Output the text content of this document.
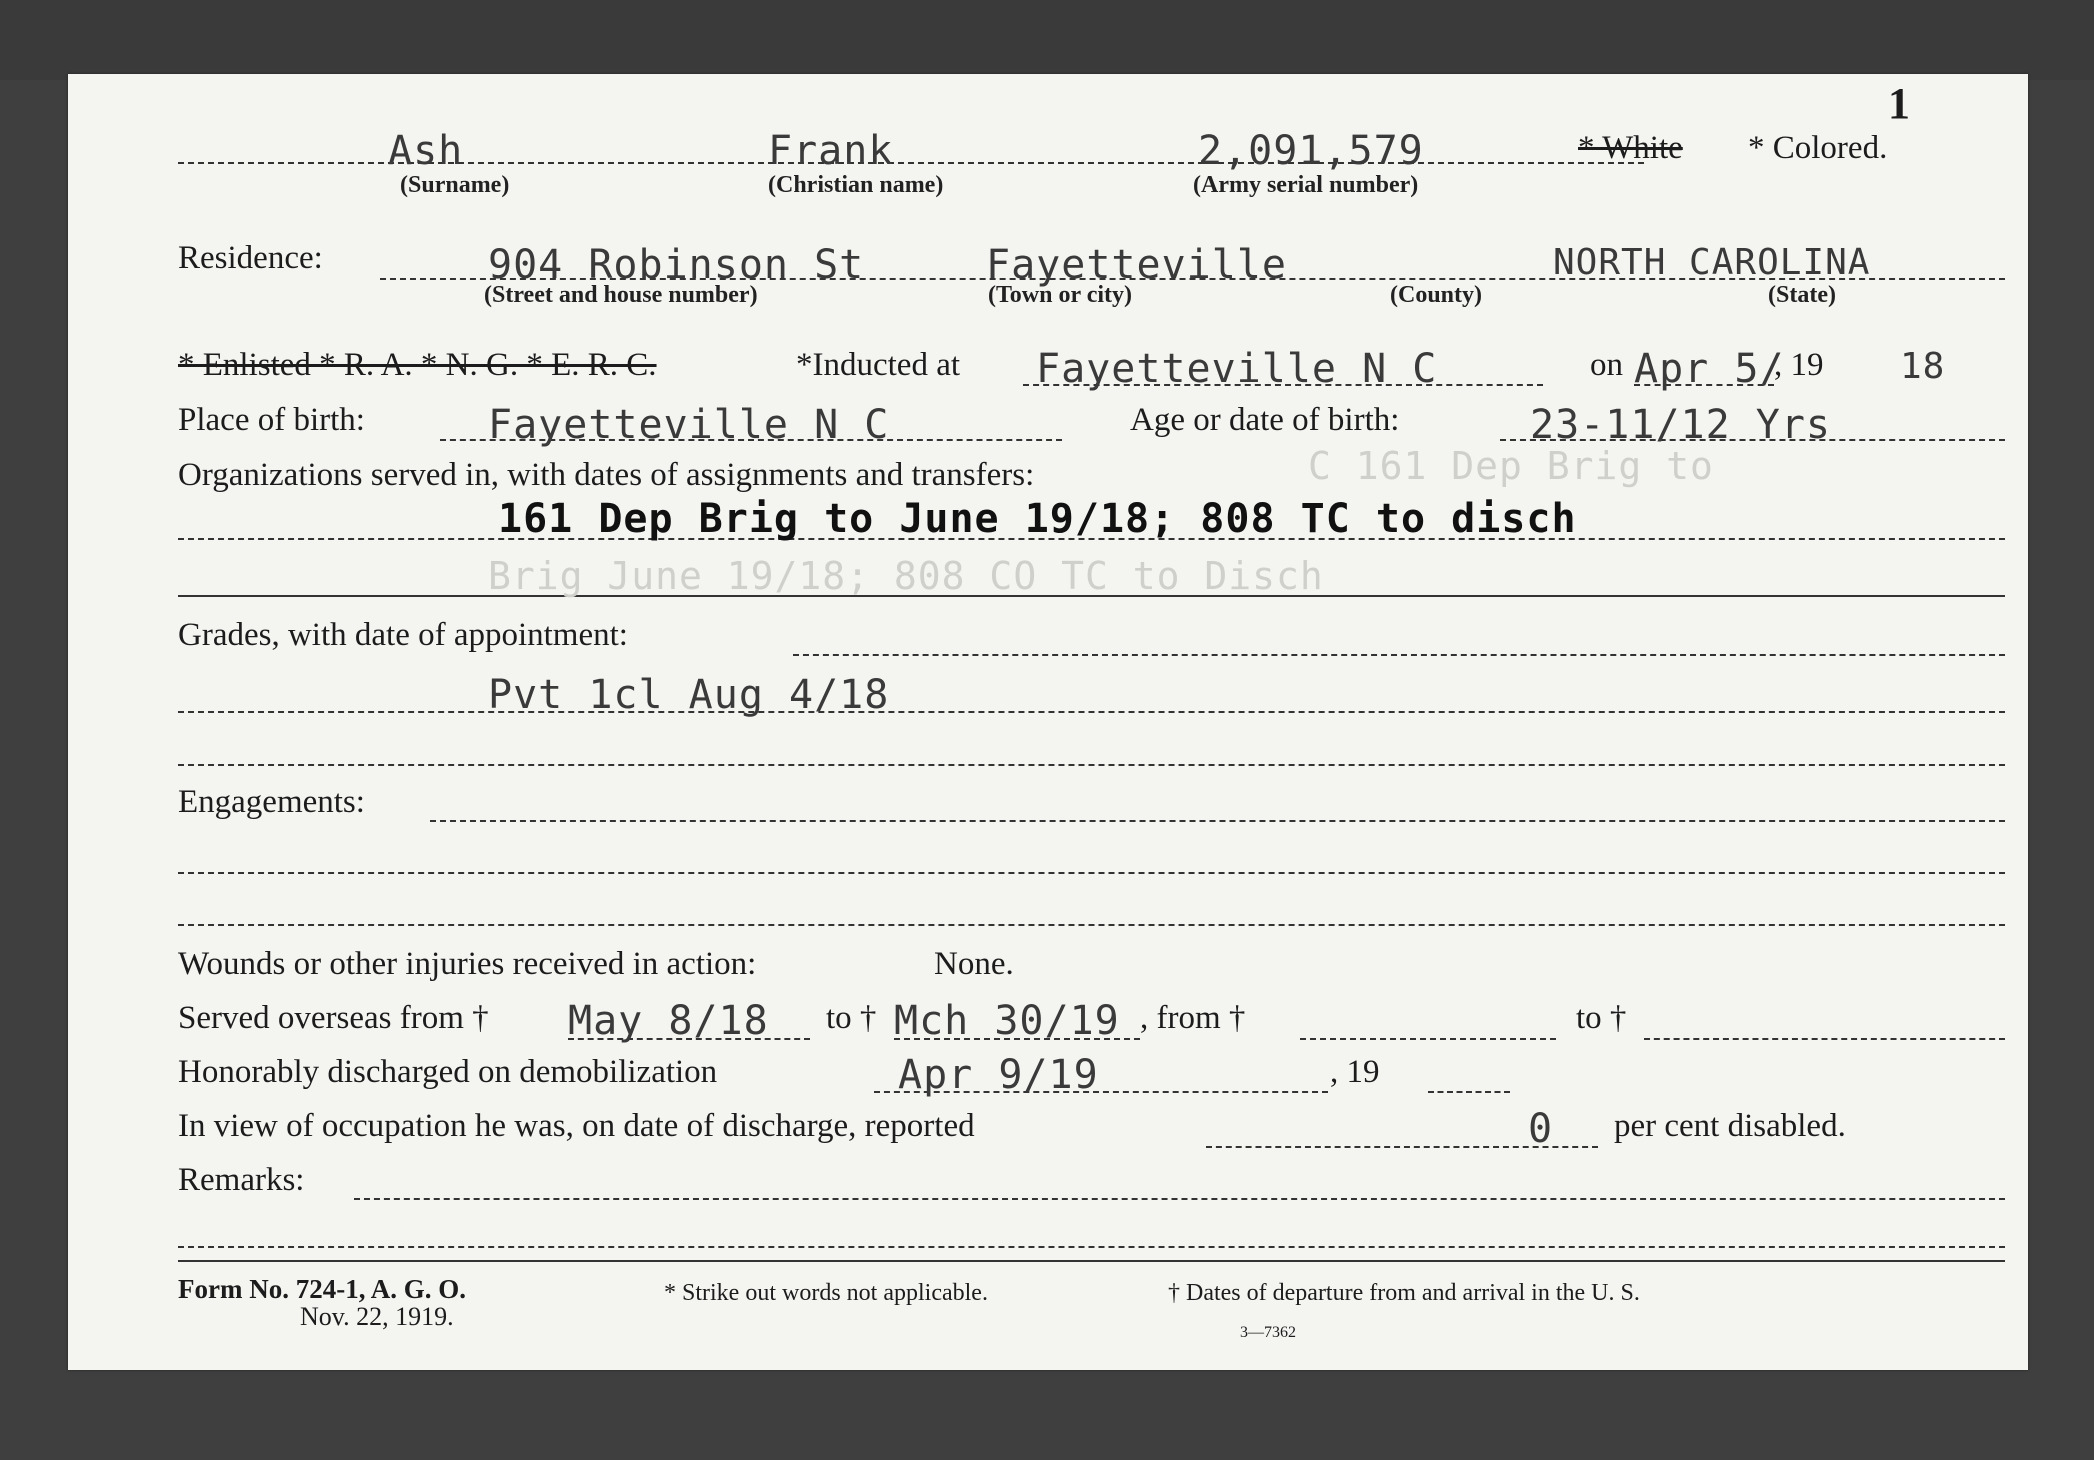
1
Ash
(Surname)
Frank
(Christian name)
2,091,579
(Army serial number)
* White * Colored.
Residence:	904 Robinson St
(Street and house number)
Fayetteville
(Town or city)	(County)
NORTH CAROLINA
(State)
* Enlisted * R. A. * N. G. * E. R. C.	*Inducted at Fayetteville N C	on Apr 5/
, 19 18
Place of birth:	Fayetteville N C	Age or date of birth:	23-11/12 Yrs
Organizations served in, with dates of assignments and transfers:	C 161 Dep Brig to
161 Dep Brig to June 19/18; 808 TC to disch
Brig June 19/18; 808 CO TC to Disch
Grades, with date of appointment:
Pvt 1cl Aug 4/18
Engagements:
Wounds or other injuries received in action:	None.
Served overseas from † May 8/18 to † Mch 30/19 , from †	to †
Honorably discharged on demobilization	Apr 9/19	, 19
In view of occupation he was, on date of discharge, reported	0 per cent disabled.
Remarks:
Form No. 724-1, A. G. O.
Nov. 22, 1919.
* Strike out words not applicable.	† Dates of departure from and arrival in the U. S.
3—7362
